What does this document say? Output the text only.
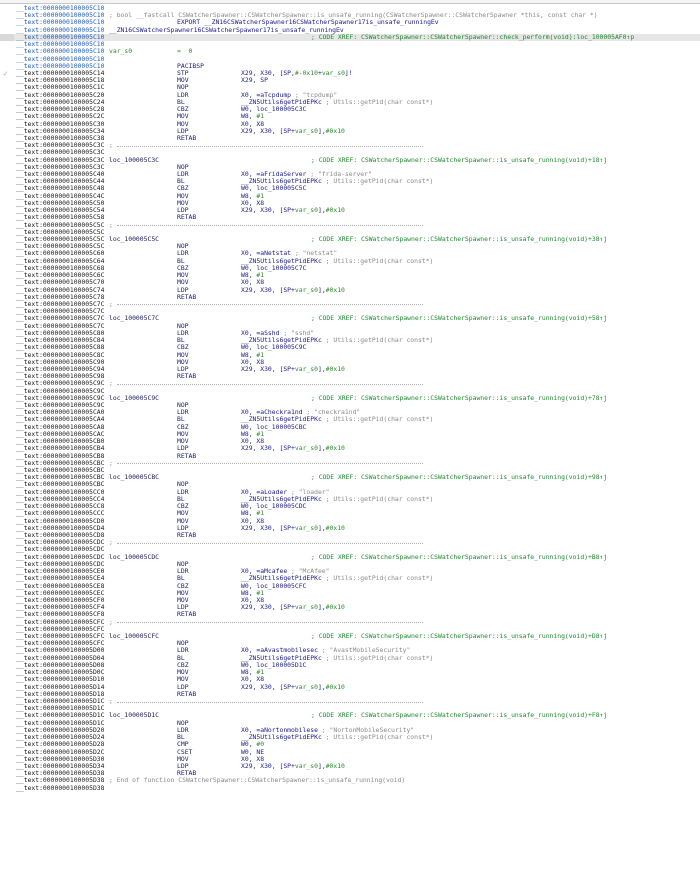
__text:0000000100005C10
__text:0000000100005C10 ; bool __fastcall CSWatcherSpawner::CSWatcherSpawner::is_unsafe_running(CSWatcherSpawner::CSWatcherSpawner *this, const char *)
__text:0000000100005C10	EXPORT __ZN16CSWatcherSpawner16CSWatcherSpawner17is_unsafe_runningEv
__text:0000000100005C10 __ZN16CSWatcherSpawner16CSWatcherSpawner17is_unsafe_runningEv
__text:0000000100005C10	; CODE XREF: CSWatcherSpawner::CSWatcherSpawner::check_perform(void):loc_100005AF0↑p
__text:0000000100005C10
__text:0000000100005C10 var_s0	=  0
__text:0000000100005C10
__text:0000000100005C10	PACIBSP
✓ __text:0000000100005C14	STP	X29, X30, [SP,#-0x10+var_s0]!
__text:0000000100005C18	MOV	X29, SP
__text:0000000100005C1C	NOP
__text:0000000100005C20	LDR	X0, =aTcpdump ; "tcpdump"
__text:0000000100005C24	BL	__ZN5Utils6getPidEPKc ; Utils::getPid(char const*)
__text:0000000100005C28	CBZ	W0, loc_100005C3C
__text:0000000100005C2C	MOV	W8, #1
__text:0000000100005C30	MOV	X0, X8
__text:0000000100005C34	LDP	X29, X30, [SP+var_s0],#0x10
__text:0000000100005C38	RETAB
__text:0000000100005C3C ;
__text:0000000100005C3C
__text:0000000100005C3C loc_100005C3C	; CODE XREF: CSWatcherSpawner::CSWatcherSpawner::is_unsafe_running(void)+18↑j
__text:0000000100005C3C	NOP
__text:0000000100005C40	LDR	X0, =aFridaServer ; "frida-server"
__text:0000000100005C44	BL	__ZN5Utils6getPidEPKc ; Utils::getPid(char const*)
__text:0000000100005C48	CBZ	W0, loc_100005C5C
__text:0000000100005C4C	MOV	W8, #1
__text:0000000100005C50	MOV	X0, X8
__text:0000000100005C54	LDP	X29, X30, [SP+var_s0],#0x10
__text:0000000100005C58	RETAB
__text:0000000100005C5C ;
__text:0000000100005C5C
__text:0000000100005C5C loc_100005C5C	; CODE XREF: CSWatcherSpawner::CSWatcherSpawner::is_unsafe_running(void)+38↑j
__text:0000000100005C5C	NOP
__text:0000000100005C60	LDR	X0, =aNetstat ; "netstat"
__text:0000000100005C64	BL	__ZN5Utils6getPidEPKc ; Utils::getPid(char const*)
__text:0000000100005C68	CBZ	W0, loc_100005C7C
__text:0000000100005C6C	MOV	W8, #1
__text:0000000100005C70	MOV	X0, X8
__text:0000000100005C74	LDP	X29, X30, [SP+var_s0],#0x10
__text:0000000100005C78	RETAB
__text:0000000100005C7C ;
__text:0000000100005C7C
__text:0000000100005C7C loc_100005C7C	; CODE XREF: CSWatcherSpawner::CSWatcherSpawner::is_unsafe_running(void)+58↑j
__text:0000000100005C7C	NOP
__text:0000000100005C80	LDR	X0, =aSshd ; "sshd"
__text:0000000100005C84	BL	__ZN5Utils6getPidEPKc ; Utils::getPid(char const*)
__text:0000000100005C88	CBZ	W0, loc_100005C9C
__text:0000000100005C8C	MOV	W8, #1
__text:0000000100005C90	MOV	X0, X8
__text:0000000100005C94	LDP	X29, X30, [SP+var_s0],#0x10
__text:0000000100005C98	RETAB
__text:0000000100005C9C ;
__text:0000000100005C9C
__text:0000000100005C9C loc_100005C9C	; CODE XREF: CSWatcherSpawner::CSWatcherSpawner::is_unsafe_running(void)+78↑j
__text:0000000100005C9C	NOP
__text:0000000100005CA0	LDR	X0, =aCheckra1nd ; "checkra1nd"
__text:0000000100005CA4	BL	__ZN5Utils6getPidEPKc ; Utils::getPid(char const*)
__text:0000000100005CA8	CBZ	W0, loc_100005CBC
__text:0000000100005CAC	MOV	W8, #1
__text:0000000100005CB0	MOV	X0, X8
__text:0000000100005CB4	LDP	X29, X30, [SP+var_s0],#0x10
__text:0000000100005CB8	RETAB
__text:0000000100005CBC ;
__text:0000000100005CBC
__text:0000000100005CBC loc_100005CBC	; CODE XREF: CSWatcherSpawner::CSWatcherSpawner::is_unsafe_running(void)+98↑j
__text:0000000100005CBC	NOP
__text:0000000100005CC0	LDR	X0, =aLoader ; "loader"
__text:0000000100005CC4	BL	__ZN5Utils6getPidEPKc ; Utils::getPid(char const*)
__text:0000000100005CC8	CBZ	W0, loc_100005CDC
__text:0000000100005CCC	MOV	W8, #1
__text:0000000100005CD0	MOV	X0, X8
__text:0000000100005CD4	LDP	X29, X30, [SP+var_s0],#0x10
__text:0000000100005CD8	RETAB
__text:0000000100005CDC ;
__text:0000000100005CDC
__text:0000000100005CDC loc_100005CDC	; CODE XREF: CSWatcherSpawner::CSWatcherSpawner::is_unsafe_running(void)+B8↑j
__text:0000000100005CDC	NOP
__text:0000000100005CE0	LDR	X0, =aMcafee ; "McAfee"
__text:0000000100005CE4	BL	__ZN5Utils6getPidEPKc ; Utils::getPid(char const*)
__text:0000000100005CE8	CBZ	W0, loc_100005CFC
__text:0000000100005CEC	MOV	W8, #1
__text:0000000100005CF0	MOV	X0, X8
__text:0000000100005CF4	LDP	X29, X30, [SP+var_s0],#0x10
__text:0000000100005CF8	RETAB
__text:0000000100005CFC ;
__text:0000000100005CFC
__text:0000000100005CFC loc_100005CFC	; CODE XREF: CSWatcherSpawner::CSWatcherSpawner::is_unsafe_running(void)+D8↑j
__text:0000000100005CFC	NOP
__text:0000000100005D00	LDR	X0, =aAvastmobilesec ; "AvastMobileSecurity"
__text:0000000100005D04	BL	__ZN5Utils6getPidEPKc ; Utils::getPid(char const*)
__text:0000000100005D08	CBZ	W0, loc_100005D1C
__text:0000000100005D0C	MOV	W8, #1
__text:0000000100005D10	MOV	X0, X8
__text:0000000100005D14	LDP	X29, X30, [SP+var_s0],#0x10
__text:0000000100005D18	RETAB
__text:0000000100005D1C ;
__text:0000000100005D1C
__text:0000000100005D1C loc_100005D1C	; CODE XREF: CSWatcherSpawner::CSWatcherSpawner::is_unsafe_running(void)+F8↑j
__text:0000000100005D1C	NOP
__text:0000000100005D20	LDR	X0, =aNortonmobilese ; "NortonMobileSecurity"
__text:0000000100005D24	BL	__ZN5Utils6getPidEPKc ; Utils::getPid(char const*)
__text:0000000100005D28	CMP	W0, #0
__text:0000000100005D2C	CSET	W0, NE
__text:0000000100005D30	MOV	X0, X8
__text:0000000100005D34	LDP	X29, X30, [SP+var_s0],#0x10
__text:0000000100005D38	RETAB
__text:0000000100005D38 ; End of function CSWatcherSpawner::CSWatcherSpawner::is_unsafe_running(void)
__text:0000000100005D38
